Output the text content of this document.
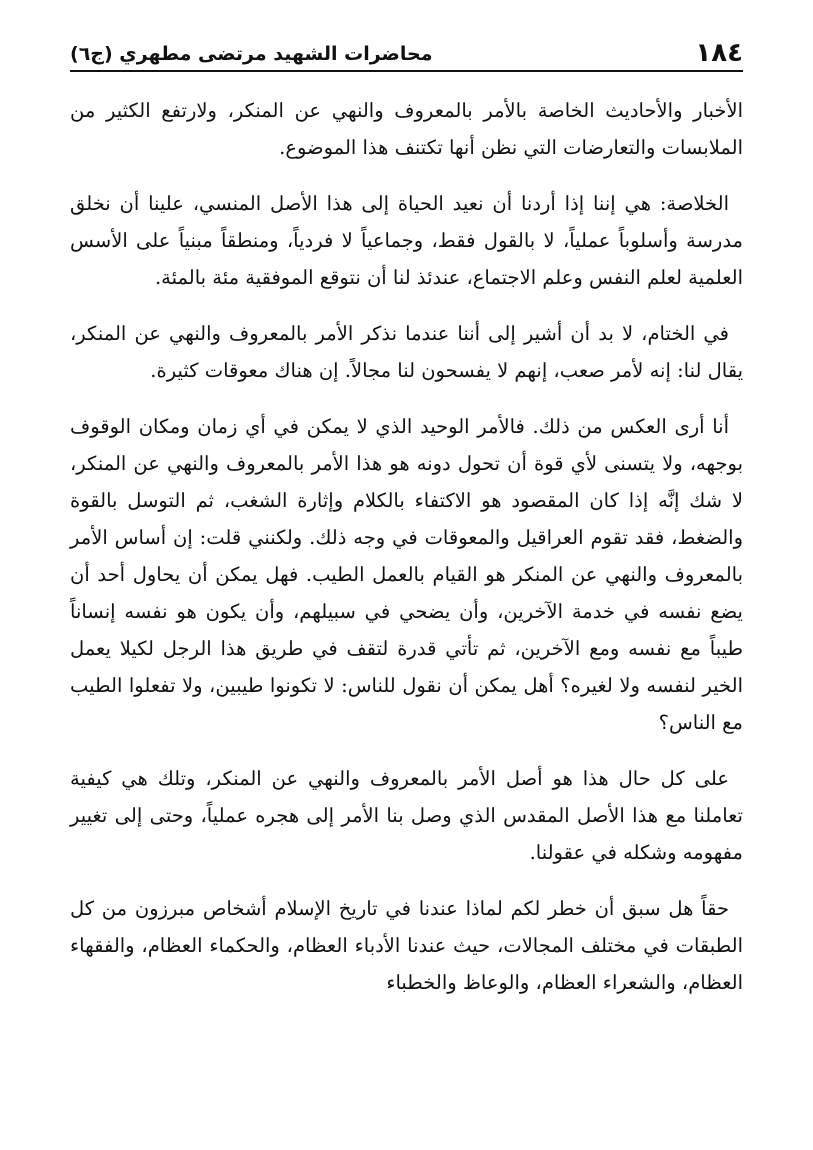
١٨٤
محاضرات الشهيد مرتضى مطهري (ج٦)

الأخبار والأحاديث الخاصة بالأمر بالمعروف والنهي عن المنكر، ولارتفع الكثير من الملابسات والتعارضات التي نظن أنها تكتنف هذا الموضوع.

الخلاصة: هي إننا إذا أردنا أن نعيد الحياة إلى هذا الأصل المنسي، علينا أن نخلق مدرسة وأسلوباً عملياً، لا بالقول فقط، وجماعياً لا فردياً، ومنطقاً مبنياً على الأسس العلمية لعلم النفس وعلم الاجتماع، عندئذ لنا أن نتوقع الموفقية مئة بالمئة.

في الختام، لا بد أن أشير إلى أننا عندما نذكر الأمر بالمعروف والنهي عن المنكر، يقال لنا: إنه لأمر صعب، إنهم لا يفسحون لنا مجالاً. إن هناك معوقات كثيرة.

أنا أرى العكس من ذلك. فالأمر الوحيد الذي لا يمكن في أي زمان ومكان الوقوف بوجهه، ولا يتسنى لأي قوة أن تحول دونه هو هذا الأمر بالمعروف والنهي عن المنكر، لا شك إنَّه إذا كان المقصود هو الاكتفاء بالكلام وإثارة الشغب، ثم التوسل بالقوة والضغط، فقد تقوم العراقيل والمعوقات في وجه ذلك. ولكنني قلت: إن أساس الأمر بالمعروف والنهي عن المنكر هو القيام بالعمل الطيب. فهل يمكن أن يحاول أحد أن يضع نفسه في خدمة الآخرين، وأن يضحي في سبيلهم، وأن يكون هو نفسه إنساناً طيباً مع نفسه ومع الآخرين، ثم تأتي قدرة لتقف في طريق هذا الرجل لكيلا يعمل الخير لنفسه ولا لغيره؟ أهل يمكن أن نقول للناس: لا تكونوا طيبين، ولا تفعلوا الطيب مع الناس؟

على كل حال هذا هو أصل الأمر بالمعروف والنهي عن المنكر، وتلك هي كيفية تعاملنا مع هذا الأصل المقدس الذي وصل بنا الأمر إلى هجره عملياً، وحتى إلى تغيير مفهومه وشكله في عقولنا.

حقاً هل سبق أن خطر لكم لماذا عندنا في تاريخ الإسلام أشخاص مبرزون من كل الطبقات في مختلف المجالات، حيث عندنا الأدباء العظام، والحكماء العظام، والفقهاء العظام، والشعراء العظام، والوعاظ والخطباء
